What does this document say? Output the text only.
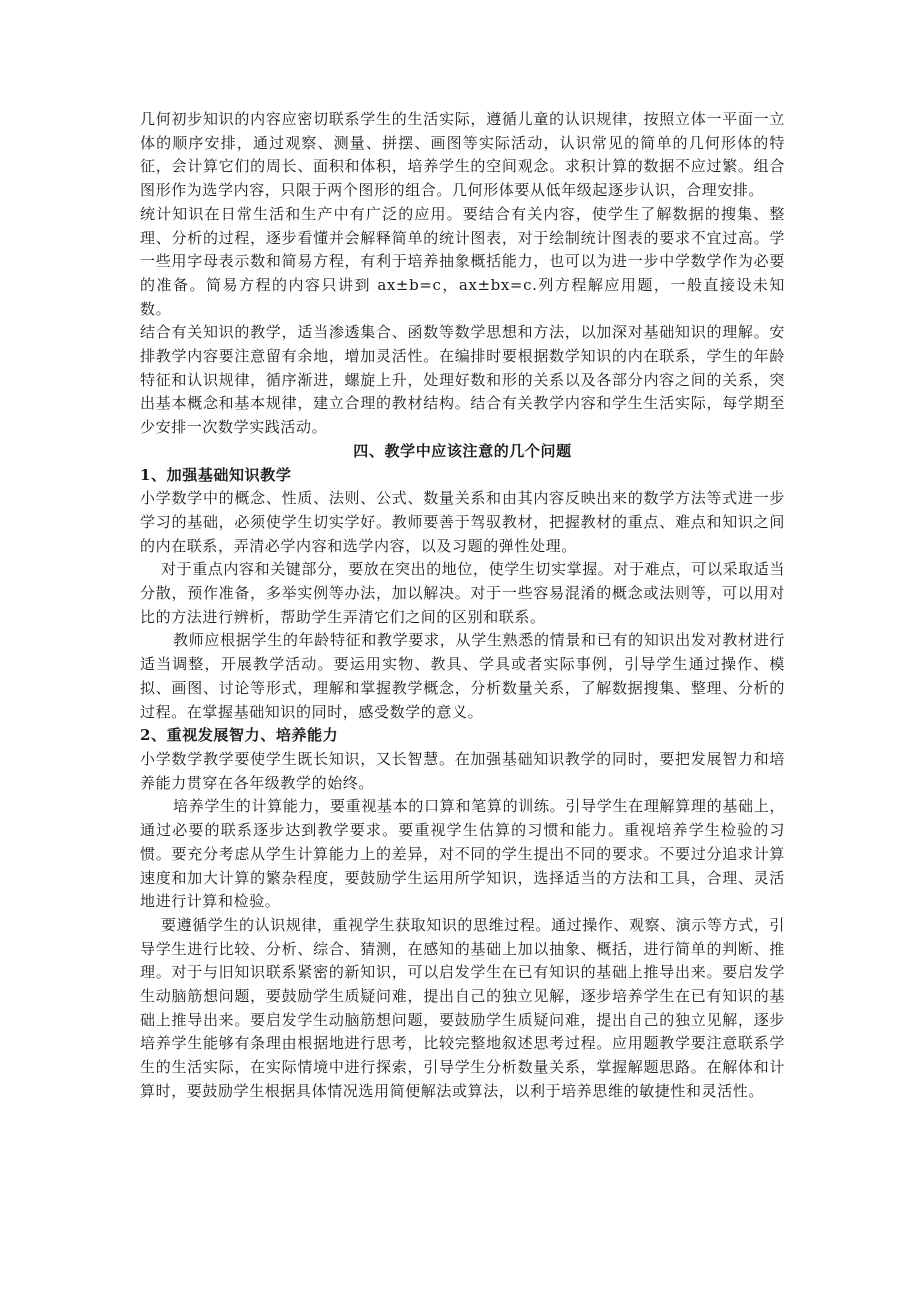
几何初步知识的内容应密切联系学生的生活实际，遵循儿童的认识规律，按照立体一平面一立体的顺序安排，通过观察、测量、拼摆、画图等实际活动，认识常见的简单的几何形体的特征，会计算它们的周长、面积和体积，培养学生的空间观念。求积计算的数据不应过繁。组合图形作为选学内容，只限于两个图形的组合。几何形体要从低年级起逐步认识，合理安排。

统计知识在日常生活和生产中有广泛的应用。要结合有关内容，使学生了解数据的搜集、整理、分析的过程，逐步看懂并会解释简单的统计图表，对于绘制统计图表的要求不宜过高。学一些用字母表示数和简易方程，有利于培养抽象概括能力，也可以为进一步中学数学作为必要的准备。简易方程的内容只讲到 ax±b=c，ax±bx=c.列方程解应用题，一般直接设未知数。

结合有关知识的教学，适当渗透集合、函数等数学思想和方法，以加深对基础知识的理解。安排教学内容要注意留有余地，增加灵活性。在编排时要根据数学知识的内在联系，学生的年龄特征和认识规律，循序渐进，螺旋上升，处理好数和形的关系以及各部分内容之间的关系，突出基本概念和基本规律，建立合理的教材结构。结合有关教学内容和学生生活实际，每学期至少安排一次数学实践活动。

四、教学中应该注意的几个问题

1、加强基础知识教学

小学数学中的概念、性质、法则、公式、数量关系和由其内容反映出来的数学方法等式进一步学习的基础，必须使学生切实学好。教师要善于驾驭教材，把握教材的重点、难点和知识之间的内在联系，弄清必学内容和选学内容，以及习题的弹性处理。

对于重点内容和关键部分，要放在突出的地位，使学生切实掌握。对于难点，可以采取适当分散，预作准备，多举实例等办法，加以解决。对于一些容易混淆的概念或法则等，可以用对比的方法进行辨析，帮助学生弄清它们之间的区别和联系。

教师应根据学生的年龄特征和教学要求，从学生熟悉的情景和已有的知识出发对教材进行适当调整，开展教学活动。要运用实物、教具、学具或者实际事例，引导学生通过操作、模拟、画图、讨论等形式，理解和掌握教学概念，分析数量关系，了解数据搜集、整理、分析的过程。在掌握基础知识的同时，感受数学的意义。

2、重视发展智力、培养能力

小学数学教学要使学生既长知识，又长智慧。在加强基础知识教学的同时，要把发展智力和培养能力贯穿在各年级教学的始终。

培养学生的计算能力，要重视基本的口算和笔算的训练。引导学生在理解算理的基础上，通过必要的联系逐步达到教学要求。要重视学生估算的习惯和能力。重视培养学生检验的习惯。要充分考虑从学生计算能力上的差异，对不同的学生提出不同的要求。不要过分追求计算速度和加大计算的繁杂程度，要鼓励学生运用所学知识，选择适当的方法和工具，合理、灵活地进行计算和检验。

要遵循学生的认识规律，重视学生获取知识的思维过程。通过操作、观察、演示等方式，引导学生进行比较、分析、综合、猜测，在感知的基础上加以抽象、概括，进行简单的判断、推理。对于与旧知识联系紧密的新知识，可以启发学生在已有知识的基础上推导出来。要启发学生动脑筋想问题，要鼓励学生质疑问难，提出自己的独立见解，逐步培养学生在已有知识的基础上推导出来。要启发学生动脑筋想问题，要鼓励学生质疑问难，提出自己的独立见解，逐步培养学生能够有条理由根据地进行思考，比较完整地叙述思考过程。应用题教学要注意联系学生的生活实际，在实际情境中进行探索，引导学生分析数量关系，掌握解题思路。在解体和计算时，要鼓励学生根据具体情况选用简便解法或算法，以利于培养思维的敏捷性和灵活性。
